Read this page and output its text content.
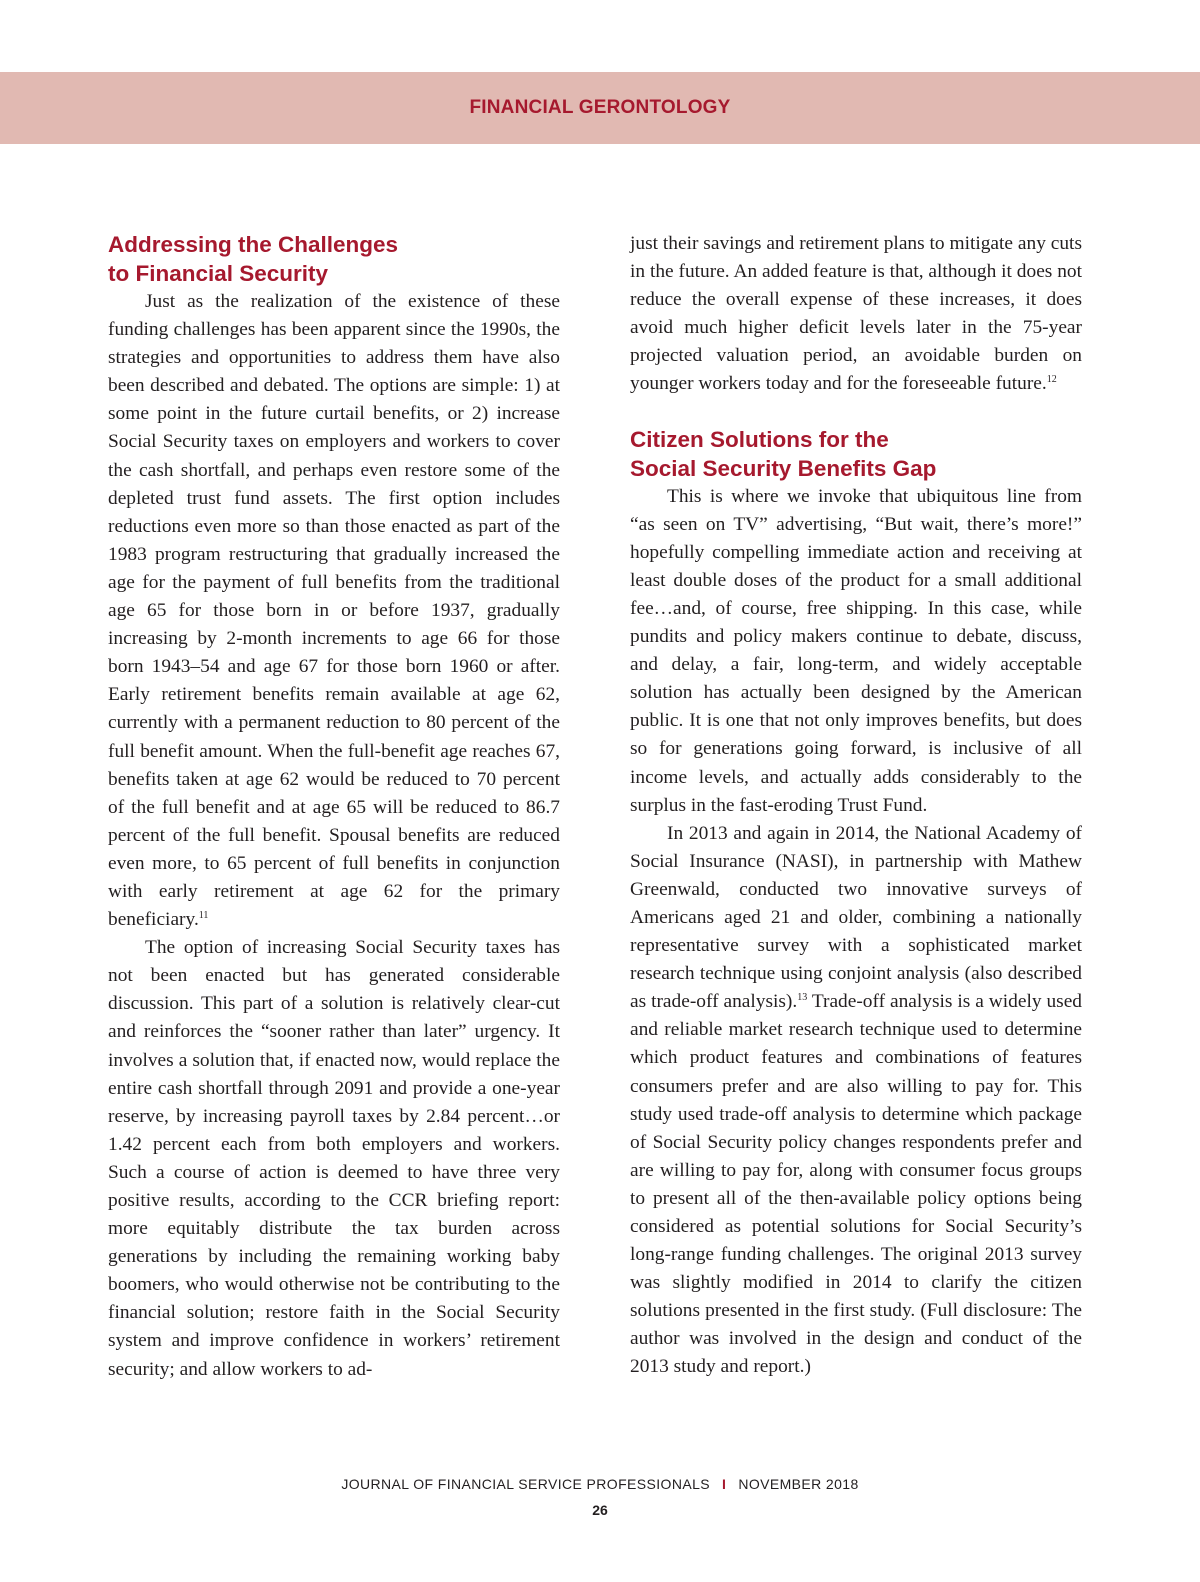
FINANCIAL GERONTOLOGY
Addressing the Challenges
to Financial Security

Just as the realization of the existence of these funding challenges has been apparent since the 1990s, the strategies and opportunities to address them have also been described and debated. The options are simple: 1) at some point in the future curtail benefits, or 2) increase Social Security taxes on employers and workers to cover the cash shortfall, and perhaps even restore some of the depleted trust fund assets. The first option includes reductions even more so than those enacted as part of the 1983 program restructuring that gradually increased the age for the payment of full benefits from the traditional age 65 for those born in or before 1937, gradually increasing by 2-month increments to age 66 for those born 1943–54 and age 67 for those born 1960 or after. Early retirement benefits remain available at age 62, currently with a permanent reduction to 80 percent of the full benefit amount. When the full-benefit age reaches 67, benefits taken at age 62 would be reduced to 70 percent of the full benefit and at age 65 will be reduced to 86.7 percent of the full benefit. Spousal benefits are reduced even more, to 65 percent of full benefits in conjunction with early retirement at age 62 for the primary beneficiary.$^{11}$

The option of increasing Social Security taxes has not been enacted but has generated considerable discussion. This part of a solution is relatively clear-cut and reinforces the “sooner rather than later” urgency. It involves a solution that, if enacted now, would replace the entire cash shortfall through 2091 and provide a one-year reserve, by increasing payroll taxes by 2.84 percent…or 1.42 percent each from both employers and workers. Such a course of action is deemed to have three very positive results, according to the CCR briefing report: more equitably distribute the tax burden across generations by including the remaining working baby boomers, who would otherwise not be contributing to the financial solution; restore faith in the Social Security system and improve confidence in workers’ retirement security; and allow workers to ad-

just their savings and retirement plans to mitigate any cuts in the future. An added feature is that, although it does not reduce the overall expense of these increases, it does avoid much higher deficit levels later in the 75-year projected valuation period, an avoidable burden on younger workers today and for the foreseeable future.$^{12}$

Citizen Solutions for the
Social Security Benefits Gap

This is where we invoke that ubiquitous line from “as seen on TV” advertising, “But wait, there’s more!” hopefully compelling immediate action and receiving at least double doses of the product for a small additional fee…and, of course, free shipping. In this case, while pundits and policy makers continue to debate, discuss, and delay, a fair, long-term, and widely acceptable solution has actually been designed by the American public. It is one that not only improves benefits, but does so for generations going forward, is inclusive of all income levels, and actually adds considerably to the surplus in the fast-eroding Trust Fund.

In 2013 and again in 2014, the National Academy of Social Insurance (NASI), in partnership with Mathew Greenwald, conducted two innovative surveys of Americans aged 21 and older, combining a nationally representative survey with a sophisticated market research technique using conjoint analysis (also described as trade-off analysis).$^{13}$ Trade-off analysis is a widely used and reliable market research technique used to determine which product features and combinations of features consumers prefer and are also willing to pay for. This study used trade-off analysis to determine which package of Social Security policy changes respondents prefer and are willing to pay for, along with consumer focus groups to present all of the then-available policy options being considered as potential solutions for Social Security’s long-range funding challenges. The original 2013 survey was slightly modified in 2014 to clarify the citizen solutions presented in the first study. (Full disclosure: The author was involved in the design and conduct of the 2013 study and report.)

JOURNAL OF FINANCIAL SERVICE PROFESSIONALS I NOVEMBER 2018
26
